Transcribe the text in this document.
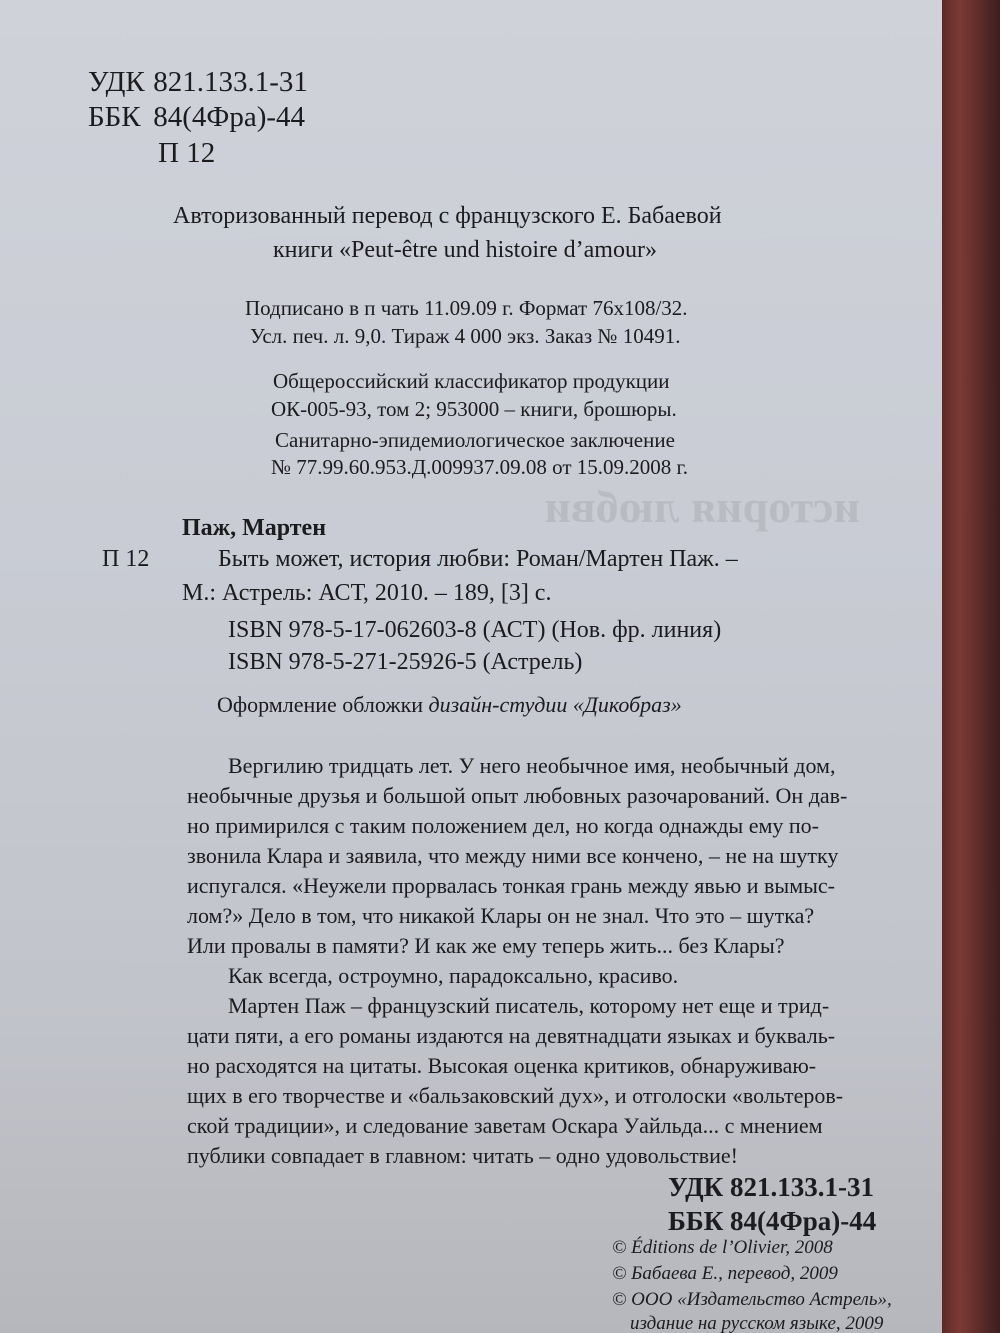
история любви
УДК 821.133.1-31
ББК 84(4Фра)-44
П 12
Авторизованный перевод с французского Е. Бабаевой
книги «Peut-être und histoire d’amour»
Подписано в п чать 11.09.09 г. Формат 76х108/32.
Усл. печ. л. 9,0. Тираж 4 000 экз. Заказ № 10491.
Общероссийский классификатор продукции
ОК-005-93, том 2; 953000 – книги, брошюры.
Санитарно-эпидемиологическое заключение
№ 77.99.60.953.Д.009937.09.08 от 15.09.2008 г.
Паж, Мартен
П 12	Быть может, история любви: Роман/Мартен Паж. –
М.: Астрель: АСТ, 2010. – 189, [3] с.
ISBN 978-5-17-062603-8 (АСТ) (Нов. фр. линия)
ISBN 978-5-271-25926-5 (Астрель)
Оформление обложки дизайн-студии «Дикобраз»
Вергилию тридцать лет. У него необычное имя, необычный дом,
необычные друзья и большой опыт любовных разочарований. Он дав-
но примирился с таким положением дел, но когда однажды ему по-
звонила Клара и заявила, что между ними все кончено, – не на шутку
испугался. «Неужели прорвалась тонкая грань между явью и вымыс-
лом?» Дело в том, что никакой Клары он не знал. Что это – шутка?
Или провалы в памяти? И как же ему теперь жить... без Клары?
Как всегда, остроумно, парадоксально, красиво.
Мартен Паж – французский писатель, которому нет еще и трид-
цати пяти, а его романы издаются на девятнадцати языках и букваль-
но расходятся на цитаты. Высокая оценка критиков, обнаруживаю-
щих в его творчестве и «бальзаковский дух», и отголоски «вольтеров-
ской традиции», и следование заветам Оскара Уайльда... с мнением
публики совпадает в главном: читать – одно удовольствие!
УДК 821.133.1-31
ББК 84(4Фра)-44
© Éditions de l’Olivier, 2008
© Бабаева Е., перевод, 2009
© ООО «Издательство Астрель»,
издание на русском языке, 2009
